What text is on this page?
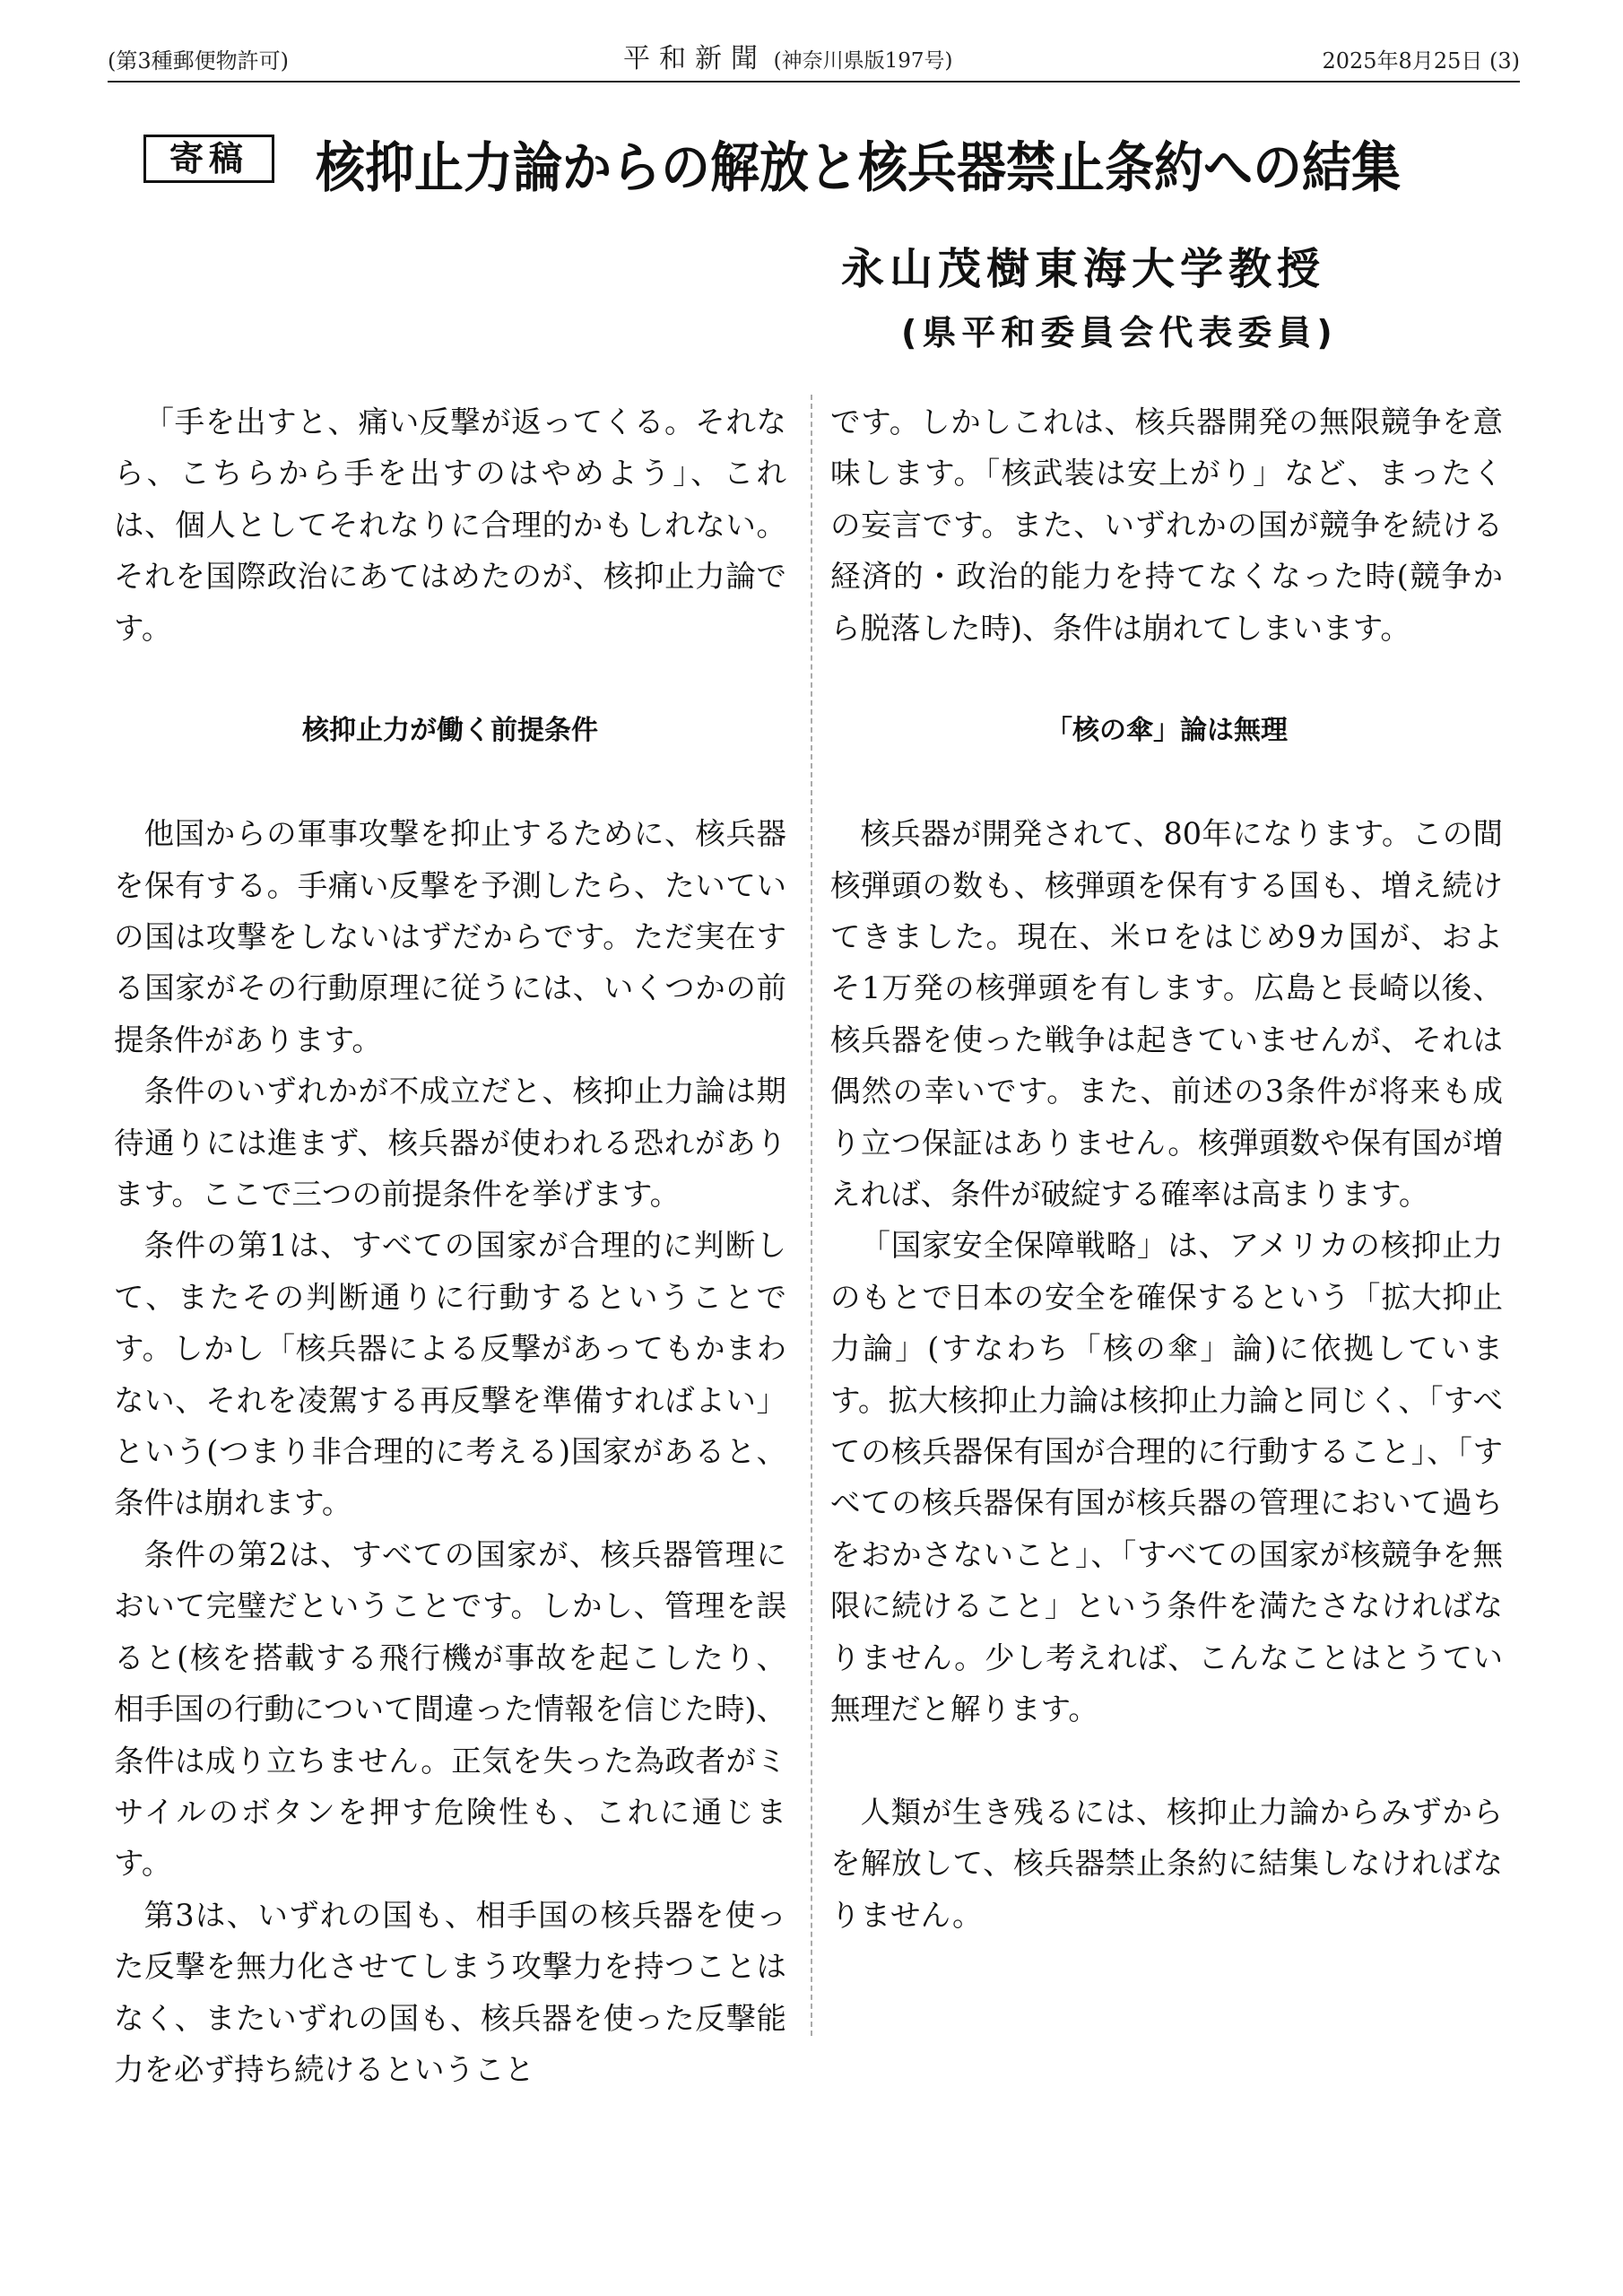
(第3種郵便物許可)	平和新聞 (神奈川県版197号)	2025年8月25日 (3)
寄稿	核抑止力論からの解放と核兵器禁止条約への結集
永山茂樹東海大学教授
(県平和委員会代表委員)

「手を出すと、痛い反撃が返ってくる。それなら、こちらから手を出すのはやめよう」、これは、個人としてそれなりに合理的かもしれない。それを国際政治にあてはめたのが、核抑止力論です。

核抑止力が働く前提条件

他国からの軍事攻撃を抑止するために、核兵器を保有する。手痛い反撃を予測したら、たいていの国は攻撃をしないはずだからです。ただ実在する国家がその行動原理に従うには、いくつかの前提条件があります。

条件のいずれかが不成立だと、核抑止力論は期待通りには進まず、核兵器が使われる恐れがあります。ここで三つの前提条件を挙げます。

条件の第1は、すべての国家が合理的に判断して、またその判断通りに行動するということです。しかし「核兵器による反撃があってもかまわない、それを凌駕する再反撃を準備すればよい」という(つまり非合理的に考える)国家があると、条件は崩れます。

条件の第2は、すべての国家が、核兵器管理において完璧だということです。しかし、管理を誤ると(核を搭載する飛行機が事故を起こしたり、相手国の行動について間違った情報を信じた時)、条件は成り立ちません。正気を失った為政者がミサイルのボタンを押す危険性も、これに通じます。

第3は、いずれの国も、相手国の核兵器を使った反撃を無力化させてしまう攻撃力を持つことはなく、またいずれの国も、核兵器を使った反撃能力を必ず持ち続けるということ

です。しかしこれは、核兵器開発の無限競争を意味します。「核武装は安上がり」など、まったくの妄言です。また、いずれかの国が競争を続ける経済的・政治的能力を持てなくなった時(競争から脱落した時)、条件は崩れてしまいます。

「核の傘」論は無理

核兵器が開発されて、80年になります。この間核弾頭の数も、核弾頭を保有する国も、増え続けてきました。現在、米ロをはじめ9カ国が、およそ1万発の核弾頭を有します。広島と長崎以後、核兵器を使った戦争は起きていませんが、それは偶然の幸いです。また、前述の3条件が将来も成り立つ保証はありません。核弾頭数や保有国が増えれば、条件が破綻する確率は高まります。

「国家安全保障戦略」は、アメリカの核抑止力のもとで日本の安全を確保するという「拡大抑止力論」(すなわち「核の傘」論)に依拠しています。拡大核抑止力論は核抑止力論と同じく、「すべての核兵器保有国が合理的に行動すること」、「すべての核兵器保有国が核兵器の管理において過ちをおかさないこと」、「すべての国家が核競争を無限に続けること」という条件を満たさなければなりません。少し考えれば、こんなことはとうてい無理だと解ります。

人類が生き残るには、核抑止力論からみずからを解放して、核兵器禁止条約に結集しなければなりません。
